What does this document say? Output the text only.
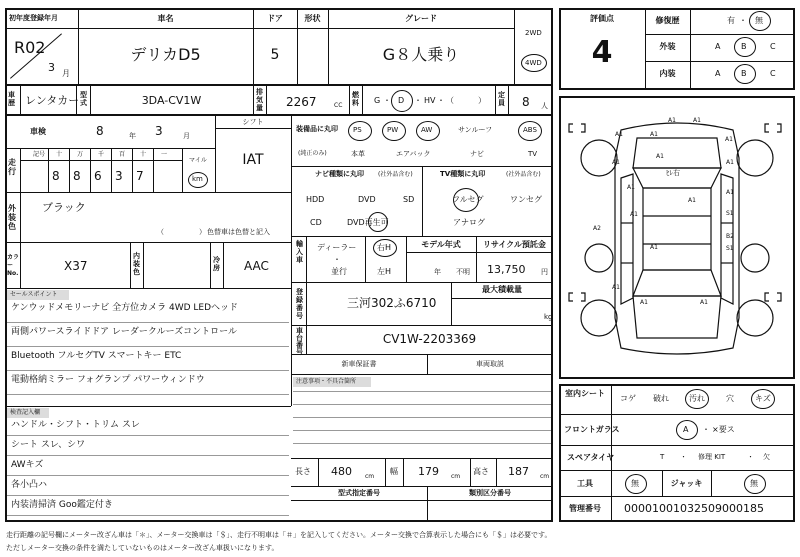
初年度登録年月
R02
3 月
車名
デリカD5
ドア
5
形状	グレード
G８人乗り
2WD
4WD
車歴 レンタカー 型式	3DA-CV1W
排気量 2267	CC
燃料 G ・ D ・ HV ・ （　　　）
定員 8 人
車検	8	年 3	月
シフト
IAT
走行
記号 十 万 千 百 十 一
8 8 6 3 7
マイル
km
外装色
ブラック
（　　　　　） 色替車は色替と記入
カラーNo.
X37
内装色
冷房 AAC
セールスポイント
ケンウッドメモリーナビ 全方位カメラ 4WD LEDヘッド
両側パワースライドドア レーダークルーズコントロール
Bluetooth フルセグTV スマートキー ETC
電動格納ミラー フォグランプ パワーウィンドウ
検査記入欄
ハンドル・シフト・トリム スレ
シート スレ、シワ
AWキズ
各小凸ハ
内装清掃済 Goo鑑定付き
装備品に丸印
(純正のみ)
PS	PW	AW	サンルーフ	ABS
本革	エアバック	ナビ	TV
ナビ種類に丸印 (社外品含む)	TV種類に丸印	(社外品含む)
HDD	DVD	SD
CD	DVD再生可
フルセグ	ワンセグ
アナログ
輸入車
ディーラー
・
並行
右H
左H
モデル年式
年 不明
リサイクル預託金
13,750 円
登録番号
三河302ふ6710
最大積載量
kg
車台番号
CV1W-2203369
新車保証書	車両取説
注意事項・不具合箇所
長さ 480 cm
幅 179 cm
高さ 187 cm
型式指定番号	類別区分番号
評価点
4
修復歴	有 ・ 無
外装	A	B	C
内装	A	B	C
A1
A1
A1
A1
A1
A1
A1
A1
S1
S1
A2
B2
A1
A1
A1	A1
A1
A1
A1
A1
ﾋﾚ右
室内シート
コゲ 破れ	汚れ	穴	キズ
フロントガラス	A ・ ×要ス
スペアタイヤ	T ・ 修理 KIT	・ 欠
工具	無	ジャッキ	無
管理番号	00001001032509000185
走行距離の記号欄にメーター改ざん車は「＊」、メーター交換車は「＄」、走行不明車は「＃」を記入してください。メーター交換で合算表示した場合にも「＄」は必要です。
ただしメーター交換の条件を満たしていないものはメーター改ざん車扱いになります。
